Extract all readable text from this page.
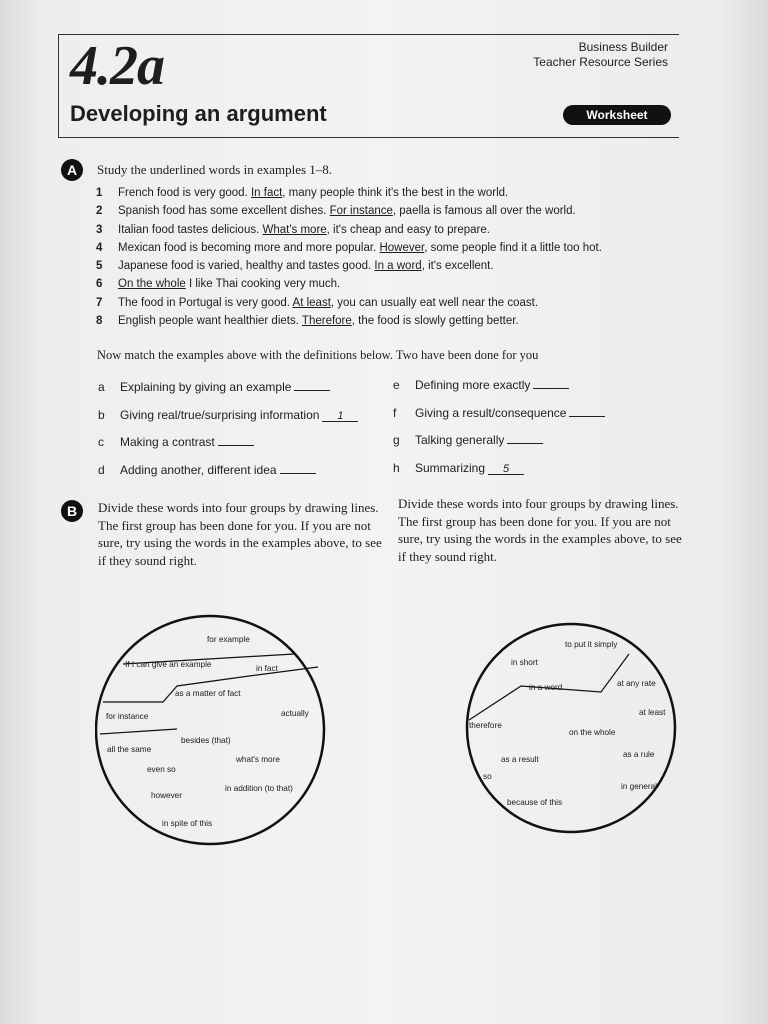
4.2a
Developing an argument
Business Builder
Teacher Resource Series
Worksheet
A	Study the underlined words in examples 1–8.
1 French food is very good. In fact, many people think it's the best in the world.
2 Spanish food has some excellent dishes. For instance, paella is famous all over the world.
3 Italian food tastes delicious. What's more, it's cheap and easy to prepare.
4 Mexican food is becoming more and more popular. However, some people find it a little too hot.
5 Japanese food is varied, healthy and tastes good. In a word, it's excellent.
6 On the whole I like Thai cooking very much.
7 The food in Portugal is very good. At least, you can usually eat well near the coast.
8 English people want healthier diets. Therefore, the food is slowly getting better.
Now match the examples above with the definitions below. Two have been done for you
a Explaining by giving an example
b Giving real/true/surprising information 1
c Making a contrast
d Adding another, different idea
e Defining more exactly
f Giving a result/consequence
g Talking generally
h Summarizing 5
B	Divide these words into four groups by drawing lines. The first group has been done for you. If you are not sure, try using the words in the examples above, to see if they sound right.
Divide these words into four groups by drawing lines. The first group has been done for you. If you are not sure, try using the words in the examples above, to see if they sound right.
for example
If I can give an example	in fact
as a matter of fact
for instance	actually
besides (that)
all the same
what's more
even so
however
in addition (to that)
in spite of this
to put it simply
in short
at any rate
in a word
at least
therefore
on the whole
as a rule
as a result
so
in general
because of this
